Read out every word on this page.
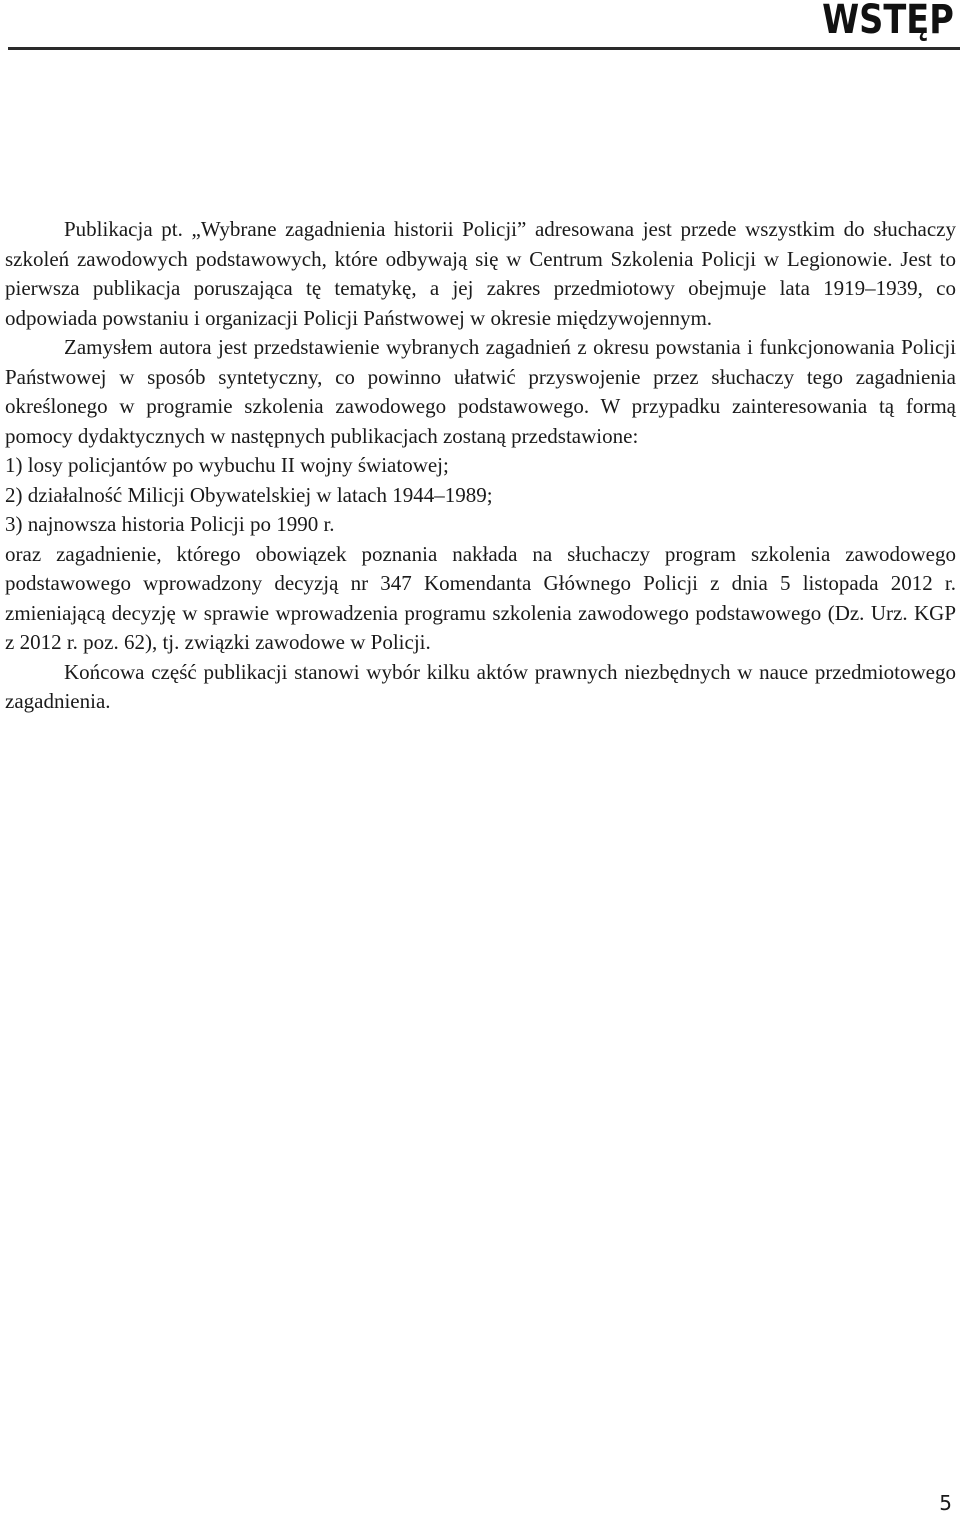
WSTĘP

Publikacja pt. „Wybrane zagadnienia historii Policji” adresowana jest przede wszystkim do słuchaczy szkoleń zawodowych podstawowych, które odbywają się w Centrum Szkolenia Policji w Legionowie. Jest to pierwsza publikacja poruszająca tę tematykę, a jej zakres przedmiotowy obejmuje lata 1919–1939, co odpowiada powstaniu i organizacji Policji Państwowej w okresie międzywojennym.

Zamysłem autora jest przedstawienie wybranych zagadnień z okresu powstania i funkcjonowania Policji Państwowej w sposób syntetyczny, co powinno ułatwić przyswojenie przez słuchaczy tego zagadnienia określonego w programie szkolenia zawodowego podstawowego. W przypadku zainteresowania tą formą pomocy dydaktycznych w następnych publikacjach zostaną przedstawione:

1) losy policjantów po wybuchu II wojny światowej;

2) działalność Milicji Obywatelskiej w latach 1944–1989;

3) najnowsza historia Policji po 1990 r.

oraz zagadnienie, którego obowiązek poznania nakłada na słuchaczy program szkolenia zawodowego podstawowego wprowadzony decyzją nr 347 Komendanta Głównego Policji z dnia 5 listopada 2012 r. zmieniającą decyzję w sprawie wprowadzenia programu szkolenia zawodowego podstawowego (Dz. Urz. KGP z 2012 r. poz. 62), tj. związki zawodowe w Policji.

Końcowa część publikacji stanowi wybór kilku aktów prawnych niezbędnych w nauce przedmiotowego zagadnienia.

5
